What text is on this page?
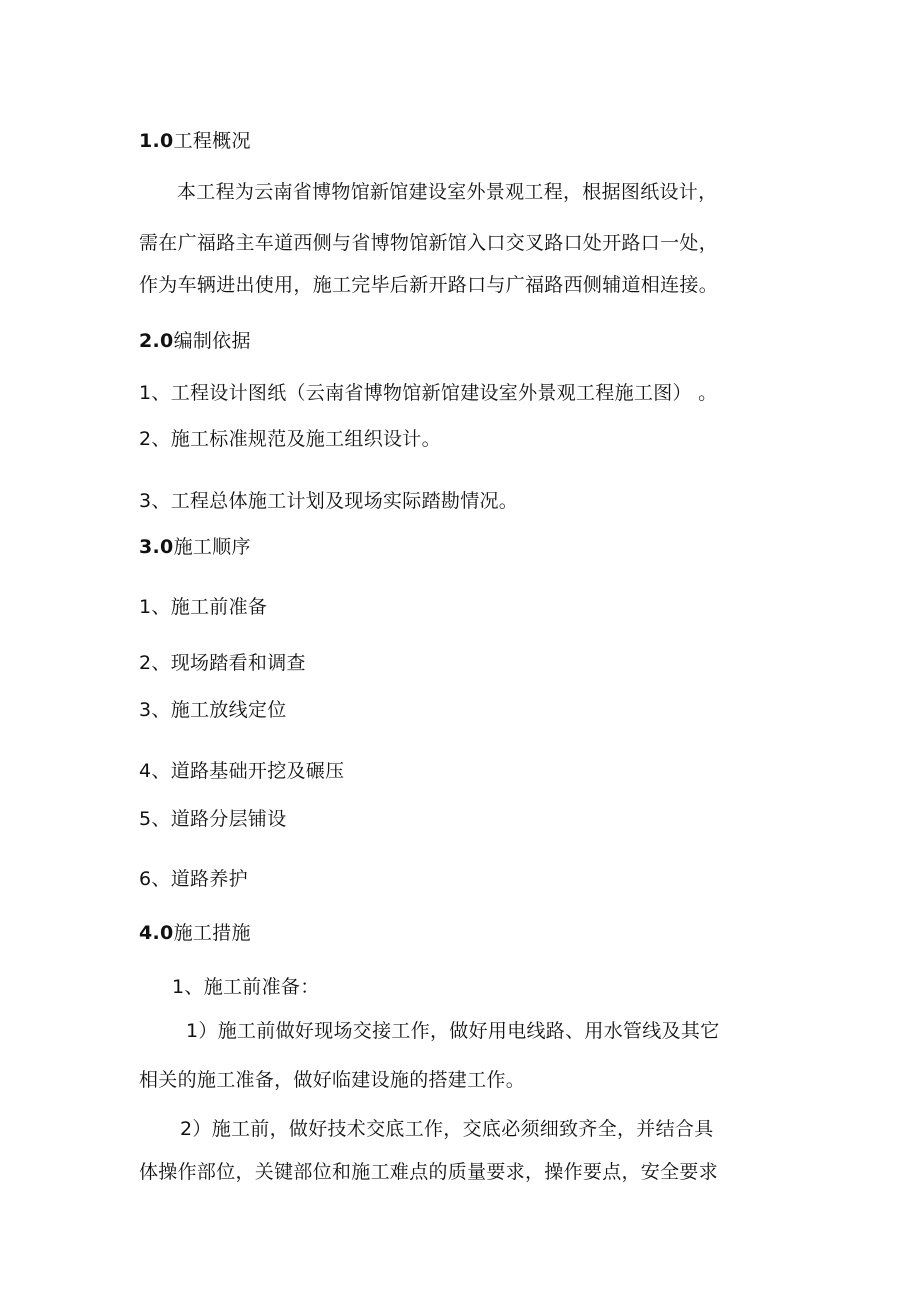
1.0工程概况
本工程为云南省博物馆新馆建设室外景观工程，根据图纸设计，
需在广福路主车道西侧与省博物馆新馆入口交叉路口处开路口一处，
作为车辆进出使用，施工完毕后新开路口与广福路西侧辅道相连接。
2.0编制依据
1、工程设计图纸（云南省博物馆新馆建设室外景观工程施工图） 。
2、施工标准规范及施工组织设计。
3、工程总体施工计划及现场实际踏勘情况。
3.0施工顺序
1、施工前准备
2、现场踏看和调查
3、施工放线定位
4、道路基础开挖及碾压
5、道路分层铺设
6、道路养护
4.0施工措施
1、施工前准备：
1）施工前做好现场交接工作，做好用电线路、用水管线及其它
相关的施工准备，做好临建设施的搭建工作。
2）施工前，做好技术交底工作，交底必须细致齐全，并结合具
体操作部位，关键部位和施工难点的质量要求，操作要点，安全要求
